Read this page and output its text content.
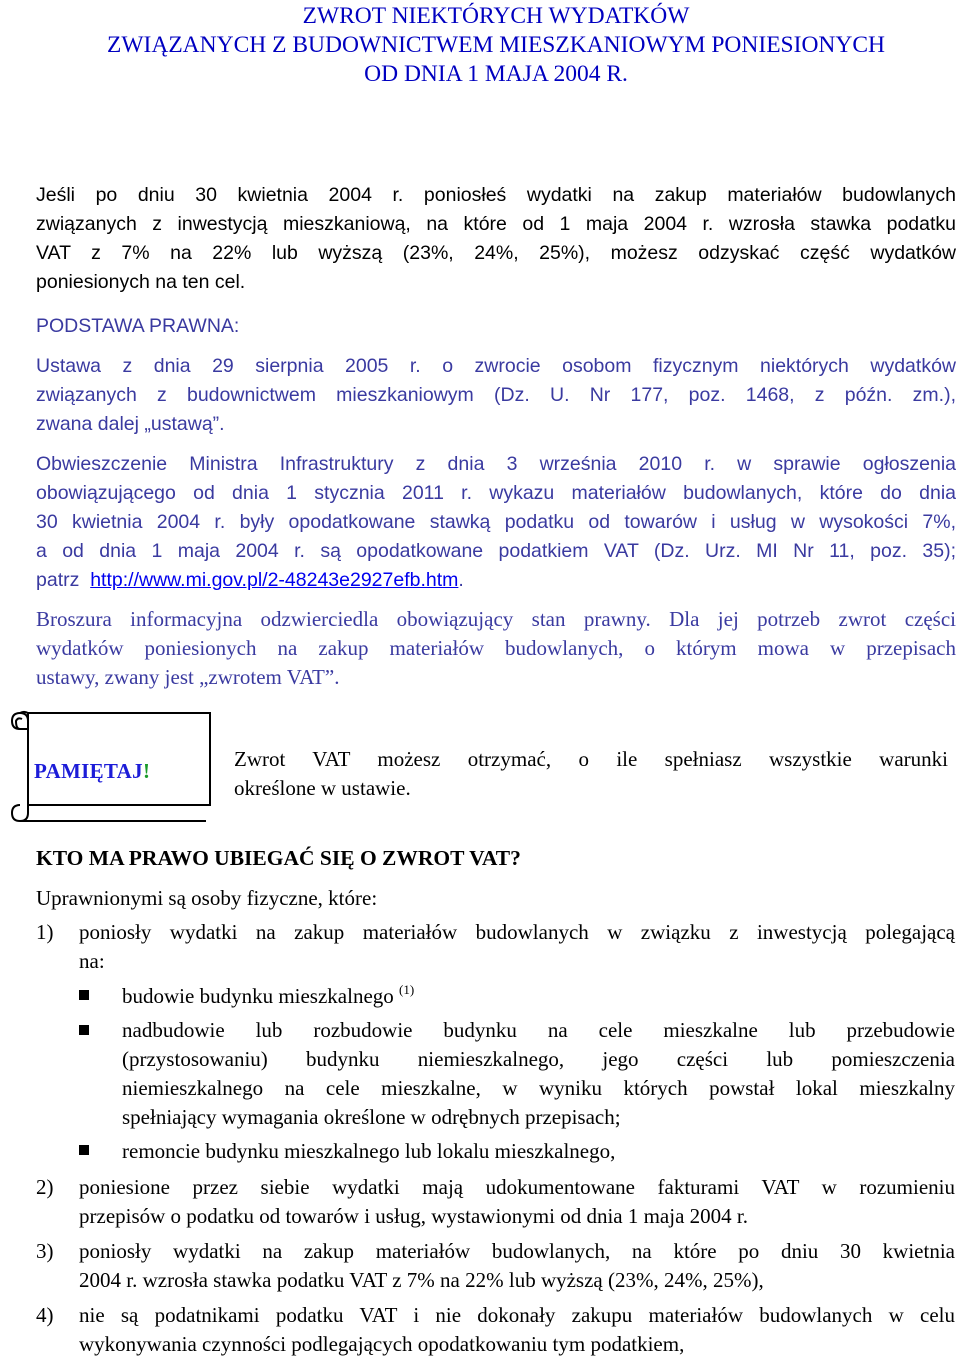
ZWROT NIEKTÓRYCH WYDATKÓW
ZWIĄZANYCH Z BUDOWNICTWEM MIESZKANIOWYM PONIESIONYCH
OD DNIA 1 MAJA 2004 R.
Jeśli po dniu 30 kwietnia 2004 r. poniosłeś wydatki na zakup materiałów budowlanych
związanych z inwestycją mieszkaniową, na które od 1 maja 2004 r. wzrosła stawka podatku
VAT z 7% na 22% lub wyższą (23%, 24%, 25%), możesz odzyskać część wydatków
poniesionych na ten cel.
PODSTAWA PRAWNA:
Ustawa z dnia 29 sierpnia 2005 r. o zwrocie osobom fizycznym niektórych wydatków
związanych z budownictwem mieszkaniowym (Dz. U. Nr 177, poz. 1468, z późn. zm.),
zwana dalej „ustawą”.
Obwieszczenie Ministra Infrastruktury z dnia 3 września 2010 r. w sprawie ogłoszenia
obowiązującego od dnia 1 stycznia 2011 r. wykazu materiałów budowlanych, które do dnia
30 kwietnia 2004 r. były opodatkowane stawką podatku od towarów i usług w wysokości 7%,
a od dnia 1 maja 2004 r. są opodatkowane podatkiem VAT (Dz. Urz. MI Nr 11, poz. 35);
patrz http://www.mi.gov.pl/2-48243e2927efb.htm.
Broszura informacyjna odzwierciedla obowiązujący stan prawny. Dla jej potrzeb zwrot części
wydatków poniesionych na zakup materiałów budowlanych, o którym mowa w przepisach
ustawy, zwany jest „zwrotem VAT”.
PAMIĘTAJ!	Zwrot VAT możesz otrzymać, o ile spełniasz wszystkie warunki
określone w ustawie.
KTO MA PRAWO UBIEGAĆ SIĘ O ZWROT VAT?
Uprawnionymi są osoby fizyczne, które:
1) poniosły wydatki na zakup materiałów budowlanych w związku z inwestycją polegającą
na:
budowie budynku mieszkalnego $^{(1)}$
nadbudowie lub rozbudowie budynku na cele mieszkalne lub przebudowie
(przystosowaniu) budynku niemieszkalnego, jego części lub pomieszczenia
niemieszkalnego na cele mieszkalne, w wyniku których powstał lokal mieszkalny
spełniający wymagania określone w odrębnych przepisach;
remoncie budynku mieszkalnego lub lokalu mieszkalnego,
2) poniesione przez siebie wydatki mają udokumentowane fakturami VAT w rozumieniu
przepisów o podatku od towarów i usług, wystawionymi od dnia 1 maja 2004 r.
3) poniosły wydatki na zakup materiałów budowlanych, na które po dniu 30 kwietnia
2004 r. wzrosła stawka podatku VAT z 7% na 22% lub wyższą (23%, 24%, 25%),
4) nie są podatnikami podatku VAT i nie dokonały zakupu materiałów budowlanych w celu
wykonywania czynności podlegających opodatkowaniu tym podatkiem,
